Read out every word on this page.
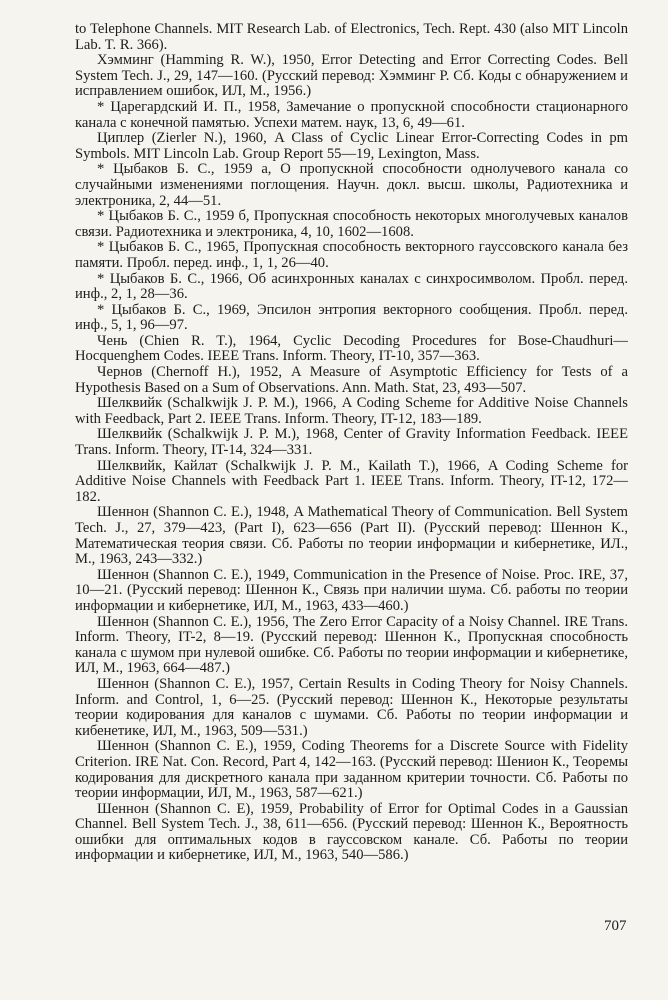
to Telephone Channels. MIT Research Lab. of Electronics, Tech. Rept. 430 (also MIT Lincoln Lab. T. R. 366).

Хэмминг (Hamming R. W.), 1950, Error Detecting and Error Correcting Codes. Bell System Tech. J., 29, 147—160. (Русский перевод: Хэмминг Р. Сб. Коды с обнаружением и исправлением ошибок, ИЛ, М., 1956.)

* Царегардский И. П., 1958, Замечание о пропускной способности стационарного канала с конечной памятью. Успехи матем. наук, 13, 6, 49—61.

Циплер (Zierler N.), 1960, A Class of Cyclic Linear Error-Correcting Codes in pm Symbols. MIT Lincoln Lab. Group Report 55—19, Lexington, Mass.

* Цыбаков Б. С., 1959 а, О пропускной способности однолучевого канала со случайными изменениями поглощения. Научн. докл. высш. школы, Радиотехника и электроника, 2, 44—51.

* Цыбаков Б. С., 1959 б, Пропускная способность некоторых многолучевых каналов связи. Радиотехника и электроника, 4, 10, 1602—1608.

* Цыбаков Б. С., 1965, Пропускная способность векторного гауссовского канала без памяти. Пробл. перед. инф., 1, 1, 26—40.

* Цыбаков Б. С., 1966, Об асинхронных каналах с синхросимволом. Пробл. перед. инф., 2, 1, 28—36.

* Цыбаков Б. С., 1969, Эпсилон энтропия векторного сообщения. Пробл. перед. инф., 5, 1, 96—97.

Чень (Chien R. T.), 1964, Cyclic Decoding Procedures for Bose-Chaudhuri—Hocquenghem Codes. IEEE Trans. Inform. Theory, IT-10, 357—363.

Чернов (Chernoff H.), 1952, A Measure of Asymptotic Efficiency for Tests of a Hypothesis Based on a Sum of Observations. Ann. Math. Stat, 23, 493—507.

Шелквийк (Schalkwijk J. P. M.), 1966, A Coding Scheme for Additive Noise Channels with Feedback, Part 2. IEEE Trans. Inform. Theory, IT-12, 183—189.

Шелквийк (Schalkwijk J. P. M.), 1968, Center of Gravity Information Feedback. IEEE Trans. Inform. Theory, IT-14, 324—331.

Шелквийк, Кайлат (Schalkwijk J. P. M., Kailath T.), 1966, A Coding Scheme for Additive Noise Channels with Feedback Part 1. IEEE Trans. Inform. Theory, IT-12, 172—182.

Шеннон (Shannon C. E.), 1948, A Mathematical Theory of Communication. Bell System Tech. J., 27, 379—423, (Part I), 623—656 (Part II). (Русский перевод: Шеннон К., Математическая теория связи. Сб. Работы по теории информации и кибернетике, ИЛ., М., 1963, 243—332.)

Шеннон (Shannon C. E.), 1949, Communication in the Presence of Noise. Proc. IRE, 37, 10—21. (Русский перевод: Шеннон К., Связь при наличии шума. Сб. работы по теории информации и кибернетике, ИЛ, М., 1963, 433—460.)

Шеннон (Shannon C. E.), 1956, The Zero Error Capacity of a Noisy Channel. IRE Trans. Inform. Theory, IT-2, 8—19. (Русский перевод: Шеннон К., Пропускная способность канала с шумом при нулевой ошибке. Сб. Работы по теории информации и кибернетике, ИЛ, М., 1963, 664—487.)

Шеннон (Shannon C. E.), 1957, Certain Results in Coding Theory for Noisy Channels. Inform. and Control, 1, 6—25. (Русский перевод: Шеннон К., Некоторые результаты теории кодирования для каналов с шумами. Сб. Работы по теории информации и кибенетике, ИЛ, М., 1963, 509—531.)

Шеннон (Shannon C. E.), 1959, Coding Theorems for a Discrete Source with Fidelity Criterion. IRE Nat. Con. Record, Part 4, 142—163. (Русский перевод: Шенион К., Теоремы кодирования для дискретного канала при заданном критерии точности. Сб. Работы по теории информации, ИЛ, М., 1963, 587—621.)

Шеннон (Shannon C. E), 1959, Probability of Error for Optimal Codes in a Gaussian Channel. Bell System Tech. J., 38, 611—656. (Русский перевод: Шеннон К., Вероятность ошибки для оптимальных кодов в гауссовском канале. Сб. Работы по теории информации и кибернетике, ИЛ, М., 1963, 540—586.)

707
